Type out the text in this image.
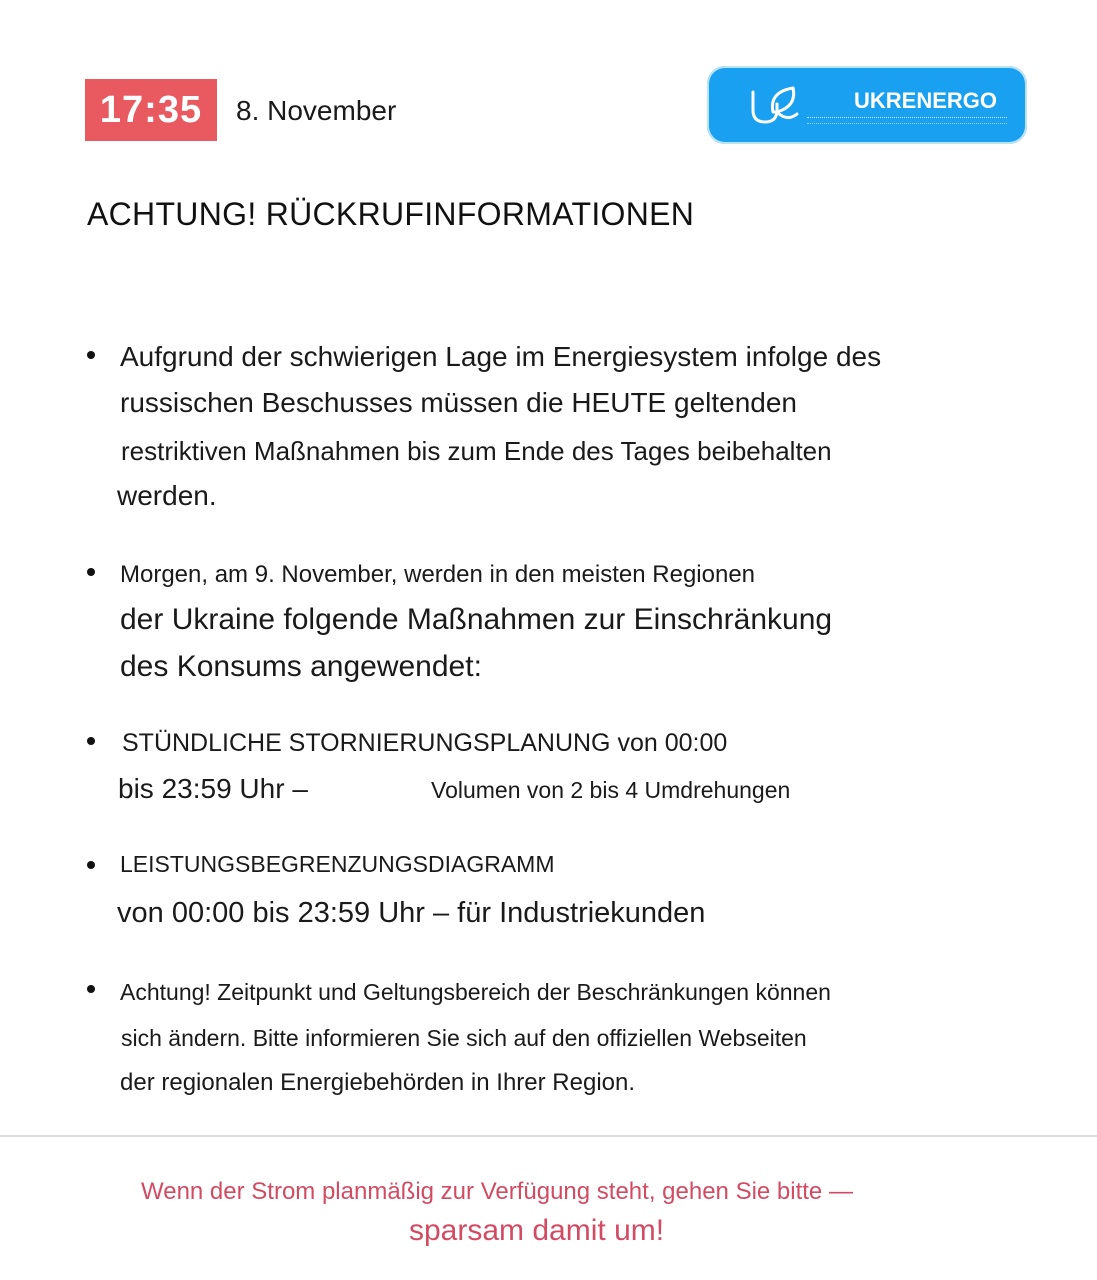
17:35 8. November	UKRENERGO
ACHTUNG! RÜCKRUFINFORMATIONEN
Aufgrund der schwierigen Lage im Energiesystem infolge des
russischen Beschusses müssen die HEUTE geltenden
restriktiven Maßnahmen bis zum Ende des Tages beibehalten
werden.
Morgen, am 9. November, werden in den meisten Regionen
der Ukraine folgende Maßnahmen zur Einschränkung
des Konsums angewendet:
STÜNDLICHE STORNIERUNGSPLANUNG von 00:00
bis 23:59 Uhr –	Volumen von 2 bis 4 Umdrehungen
LEISTUNGSBEGRENZUNGSDIAGRAMM
von 00:00 bis 23:59 Uhr – für Industriekunden
Achtung! Zeitpunkt und Geltungsbereich der Beschränkungen können
sich ändern. Bitte informieren Sie sich auf den offiziellen Webseiten
der regionalen Energiebehörden in Ihrer Region.
Wenn der Strom planmäßig zur Verfügung steht, gehen Sie bitte —
sparsam damit um!
